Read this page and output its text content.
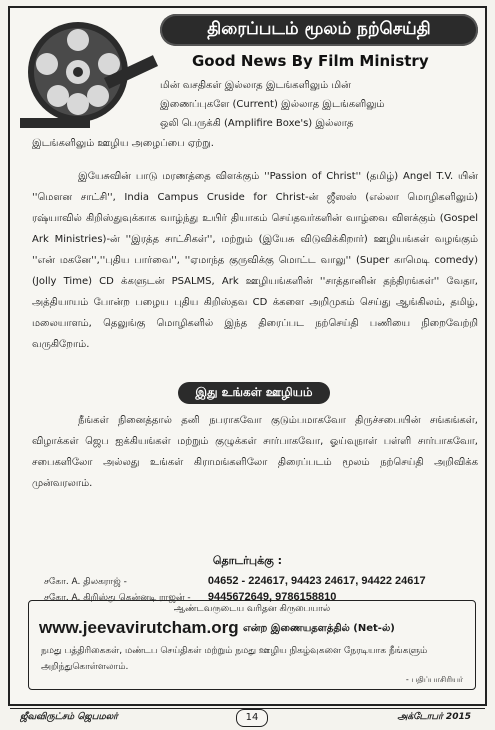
திரைப்படம் மூலம் நற்செய்தி
Good News By Film Ministry
மின் வசதிகள் இல்லாத இடங்களிலும் மின்
இணைப்புகளே (Current) இல்லாத இடங்களிலும்
ஒலி பெருக்கி (Amplifire Boxe's) இல்லாத
இடங்களிலும் ஊழிய அழைப்பை ஏற்று.
இயேசுவின் பாடு மரணத்தை விளக்கும் ''Passion of Christ'' (தமிழ்) Angel T.V. யின் ''மௌன சாட்சி'', India Campus Cruside for Christ-ன் ஜீஸஸ் (எல்லா மொழிகளிலும்) ரஷ்யாவில் கிறிஸ்துவுக்காக வாழ்ந்து உயிர் தியாகம் செய்தவர்களின் வாழ்வை விளக்கும் (Gospel Ark Ministries)-ன் ''இரத்த சாட்சிகள்'', மற்றும் (இயேசு விடுவிக்கிறார்) ஊழியங்கள் வழங்கும் ''என் மகனே'',''புதிய பார்வை'', ''ஏமாந்த குருவிக்கு மொட்ட வாலு'' (Super காமெடி comedy) (Jolly Time) CD க்களுடன் PSALMS, Ark ஊழியங்களின் ''சாத்தானின் தந்திரங்கள்'' வேதா, அத்தியாயம் போன்ற பழைய புதிய கிறிஸ்தவ CD க்களை அறிமுகம் செய்து ஆங்கிலம், தமிழ், மலையாளம், தெலுங்கு மொழிகளில் இந்த திரைப்பட நற்செய்தி பணியை நிறைவேற்றி வருகிறோம்.
இது உங்கள் ஊழியம்
நீங்கள் நினைத்தால் தனி நபராகவோ குடும்பமாகவோ திருச்சபையின் சங்கங்கள், விழாக்கள் ஜெப ஐக்கியங்கள் மற்றும் குழுக்கள் சார்பாகவோ, ஓய்வுநாள் பள்ளி சார்பாகவோ, சபைகளிலோ அல்லது உங்கள் கிராமங்களிலோ திரைப்படம் மூலம் நற்செய்தி அறிவிக்க முன்வரலாம்.
தொடர்புக்கு :
சகோ. A. திலகராஜ் -	04652 - 224617, 94423 24617, 94422 24617
சகோ. A. கிறிஸ்து கென்னடி ராஜன் - 9445672649, 9786158810
ஆண்டவருடைய வரிதன கிருபையால்
www.jeevavirutcham.org என்ற இணையதளத்தில் (Net-ல்)
நமது பத்திரிகைகள், மண்டப செய்திகள் மற்றும் நமது ஊழிய நிகழ்வுகளை நேரடியாக நீங்களும் அறிந்துகொள்ளலாம்.
- பதிப்பாசிரியர்
ஜீவவிருட்சம் ஜெபமலர்	14	அக்டோபர் 2015
